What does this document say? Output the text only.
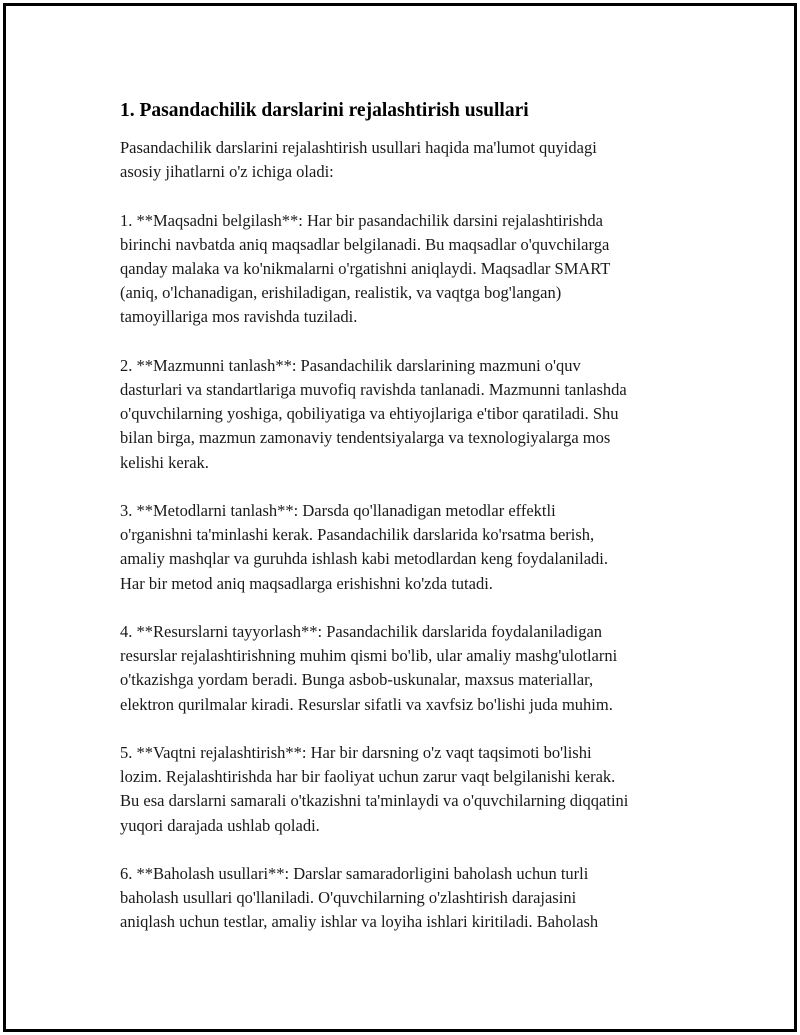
1. Pasandachilik darslarini rejalashtirish usullari

Pasandachilik darslarini rejalashtirish usullari haqida ma'lumot quyidagi
asosiy jihatlarni o'z ichiga oladi:

1. **Maqsadni belgilash**: Har bir pasandachilik darsini rejalashtirishda
birinchi navbatda aniq maqsadlar belgilanadi. Bu maqsadlar o'quvchilarga
qanday malaka va ko'nikmalarni o'rgatishni aniqlaydi. Maqsadlar SMART
(aniq, o'lchanadigan, erishiladigan, realistik, va vaqtga bog'langan)
tamoyillariga mos ravishda tuziladi.

2. **Mazmunni tanlash**: Pasandachilik darslarining mazmuni o'quv
dasturlari va standartlariga muvofiq ravishda tanlanadi. Mazmunni tanlashda
o'quvchilarning yoshiga, qobiliyatiga va ehtiyojlariga e'tibor qaratiladi. Shu
bilan birga, mazmun zamonaviy tendentsiyalarga va texnologiyalarga mos
kelishi kerak.

3. **Metodlarni tanlash**: Darsda qo'llanadigan metodlar effektli
o'rganishni ta'minlashi kerak. Pasandachilik darslarida ko'rsatma berish,
amaliy mashqlar va guruhda ishlash kabi metodlardan keng foydalaniladi.
Har bir metod aniq maqsadlarga erishishni ko'zda tutadi.

4. **Resurslarni tayyorlash**: Pasandachilik darslarida foydalaniladigan
resurslar rejalashtirishning muhim qismi bo'lib, ular amaliy mashg'ulotlarni
o'tkazishga yordam beradi. Bunga asbob-uskunalar, maxsus materiallar,
elektron qurilmalar kiradi. Resurslar sifatli va xavfsiz bo'lishi juda muhim.

5. **Vaqtni rejalashtirish**: Har bir darsning o'z vaqt taqsimoti bo'lishi
lozim. Rejalashtirishda har bir faoliyat uchun zarur vaqt belgilanishi kerak.
Bu esa darslarni samarali o'tkazishni ta'minlaydi va o'quvchilarning diqqatini
yuqori darajada ushlab qoladi.

6. **Baholash usullari**: Darslar samaradorligini baholash uchun turli
baholash usullari qo'llaniladi. O'quvchilarning o'zlashtirish darajasini
aniqlash uchun testlar, amaliy ishlar va loyiha ishlari kiritiladi. Baholash
